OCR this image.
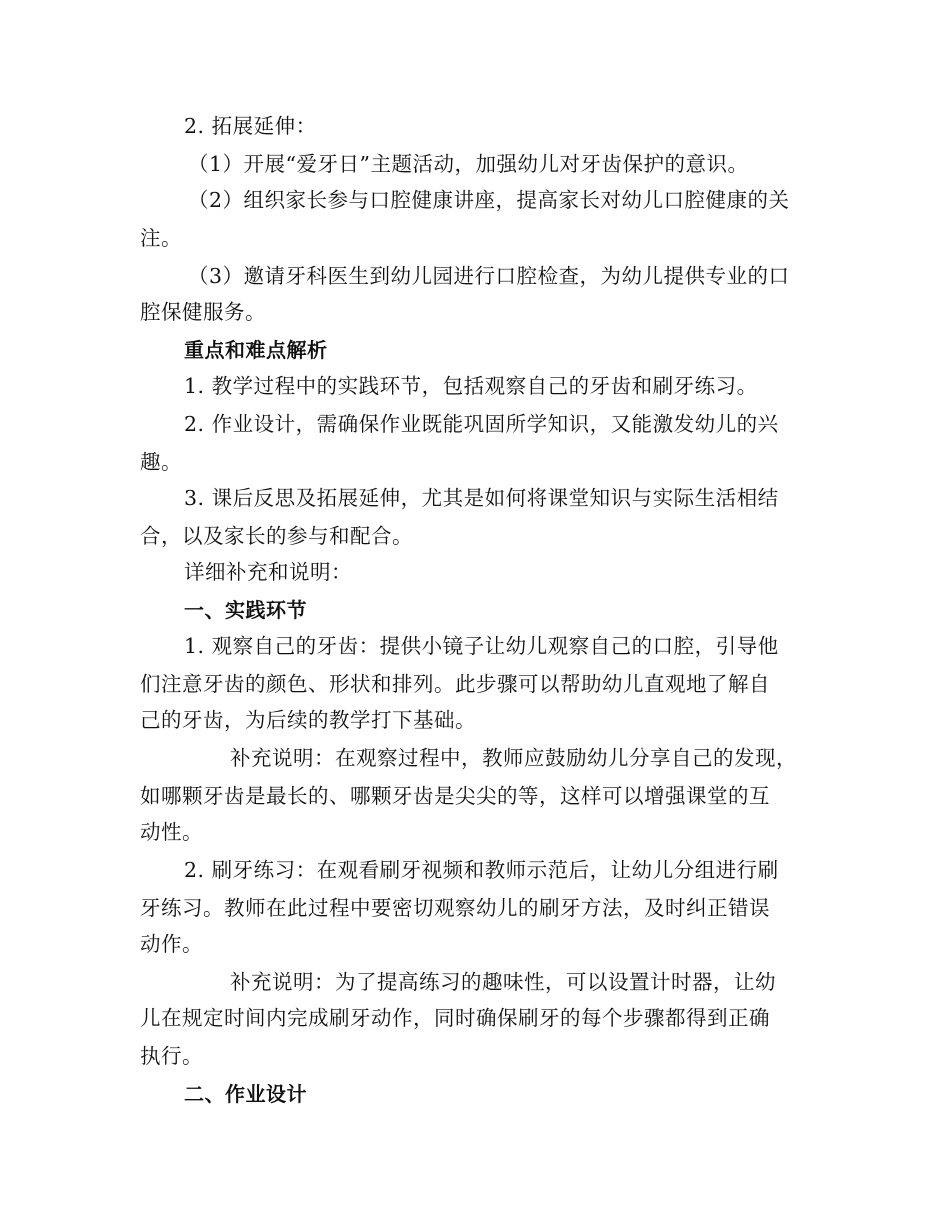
2. 拓展延伸：
（1）开展“爱牙日”主题活动，加强幼儿对牙齿保护的意识。
（2）组织家长参与口腔健康讲座，提高家长对幼儿口腔健康的关
注。
（3）邀请牙科医生到幼儿园进行口腔检查，为幼儿提供专业的口
腔保健服务。
重点和难点解析
1. 教学过程中的实践环节，包括观察自己的牙齿和刷牙练习。
2. 作业设计，需确保作业既能巩固所学知识，又能激发幼儿的兴
趣。
3. 课后反思及拓展延伸，尤其是如何将课堂知识与实际生活相结
合，以及家长的参与和配合。
详细补充和说明：
一、实践环节
1. 观察自己的牙齿：提供小镜子让幼儿观察自己的口腔，引导他
们注意牙齿的颜色、形状和排列。此步骤可以帮助幼儿直观地了解自
己的牙齿，为后续的教学打下基础。
补充说明：在观察过程中，教师应鼓励幼儿分享自己的发现，
如哪颗牙齿是最长的、哪颗牙齿是尖尖的等，这样可以增强课堂的互
动性。
2. 刷牙练习：在观看刷牙视频和教师示范后，让幼儿分组进行刷
牙练习。教师在此过程中要密切观察幼儿的刷牙方法，及时纠正错误
动作。
补充说明：为了提高练习的趣味性，可以设置计时器，让幼
儿在规定时间内完成刷牙动作，同时确保刷牙的每个步骤都得到正确
执行。
二、作业设计
